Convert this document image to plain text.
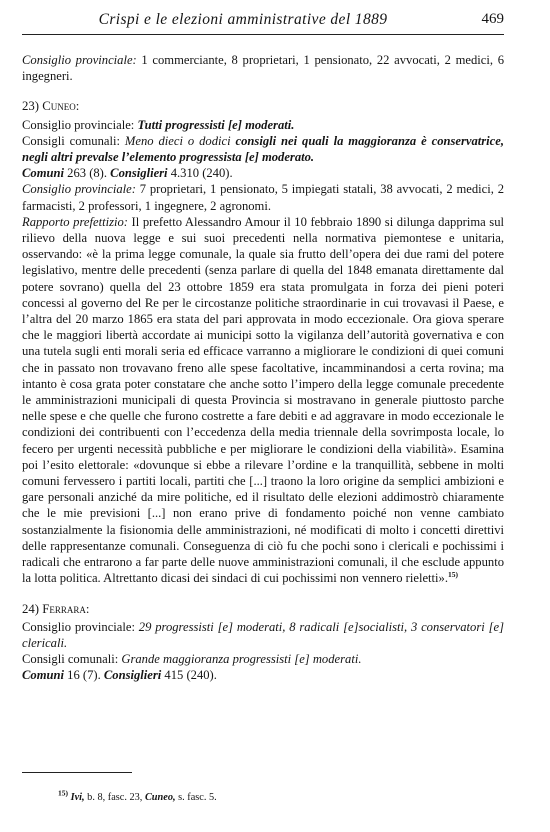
Crispi e le elezioni amministrative del 1889	469

Consiglio provinciale: 1 commerciante, 8 proprietari, 1 pensionato, 22 avvocati, 2 medici, 6 ingegneri.

23) Cuneo:

Consiglio provinciale: Tutti progressisti [e] moderati.

Consigli comunali: Meno dieci o dodici consigli nei quali la maggioranza è conservatrice, negli altri prevalse l’elemento progressista [e] moderato.

Comuni 263 (8). Consiglieri 4.310 (240).

Consiglio provinciale: 7 proprietari, 1 pensionato, 5 impiegati statali, 38 avvocati, 2 medici, 2 farmacisti, 2 professori, 1 ingegnere, 2 agronomi.

Rapporto prefettizio: Il prefetto Alessandro Amour il 10 febbraio 1890 si dilunga dapprima sul rilievo della nuova legge e sui suoi precedenti nella normativa piemontese e unitaria, osservando: «è la prima legge comunale, la quale sia frutto dell’opera dei due rami del potere legislativo, mentre delle precedenti (senza parlare di quella del 1848 emanata direttamente dal potere sovrano) quella del 23 ottobre 1859 era stata promulgata in forza dei pieni poteri concessi al governo del Re per le circostanze politiche straordinarie in cui trovavasi il Paese, e l’altra del 20 marzo 1865 era stata del pari approvata in modo eccezionale. Ora giova sperare che le maggiori libertà accordate ai municipi sotto la vigilanza dell’autorità governativa e con una tutela sugli enti morali seria ed efficace varranno a migliorare le condizioni di quei comuni che in passato non trovavano freno alle spese facoltative, incamminandosi a certa rovina; ma intanto è cosa grata poter constatare che anche sotto l’impero della legge comunale precedente le amministrazioni municipali di questa Provincia si mostravano in generale piuttosto parche nelle spese e che quelle che furono costrette a fare debiti e ad aggravare in modo eccezionale le condizioni dei contribuenti con l’eccedenza della media triennale della sovrimposta locale, lo fecero per urgenti necessità pubbliche e per migliorare le condizioni della viabilità». Esamina poi l’esito elettorale: «dovunque si ebbe a rilevare l’ordine e la tranquillità, sebbene in molti comuni fervessero i partiti locali, partiti che [...] traono la loro origine da semplici ambizioni e gare personali anziché da mire politiche, ed il risultato delle elezioni addimostrò chiaramente che le mie previsioni [...] non erano prive di fondamento poiché non venne cambiato sostanzialmente la fisionomia delle amministrazioni, né modificati di molto i concetti direttivi delle rappresentanze comunali. Conseguenza di ciò fu che pochi sono i clericali e pochissimi i radicali che entrarono a far parte delle nuove amministrazioni comunali, il che esclude appunto la lotta politica. Altrettanto dicasi dei sindaci di cui pochissimi non vennero rieletti».$^{15)}$

24) Ferrara:

Consiglio provinciale: 29 progressisti [e] moderati, 8 radicali [e]socialisti, 3 conservatori [e] clericali.

Consigli comunali: Grande maggioranza progressisti [e] moderati.

Comuni 16 (7). Consiglieri 415 (240).

$^{15)}$ Ivi, b. 8, fasc. 23, Cuneo, s. fasc. 5.
